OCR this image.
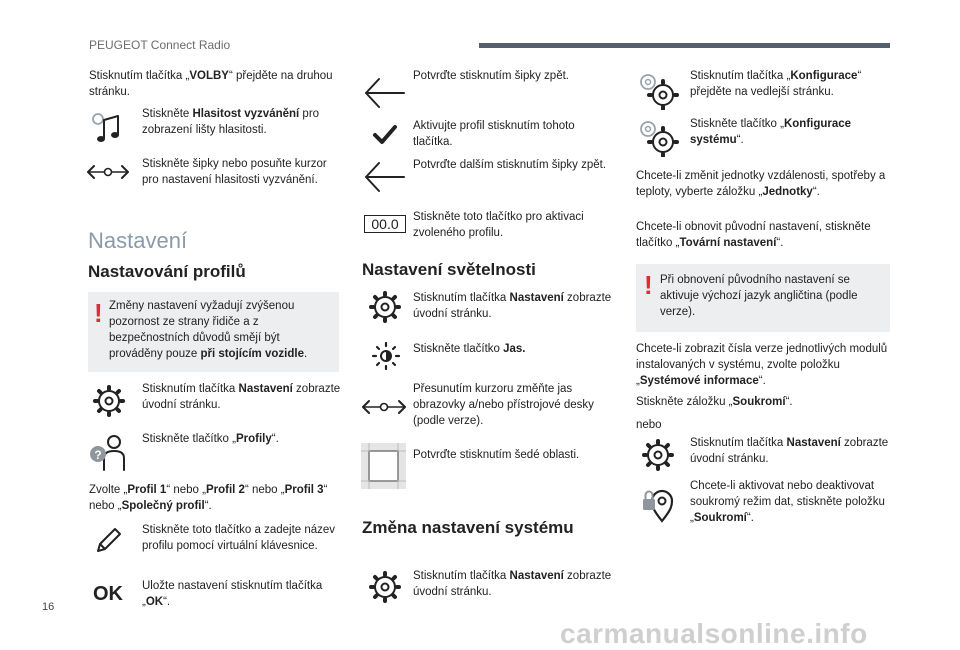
PEUGEOT Connect Radio
Stisknutím tlačítka „VOLBY“ přejděte na druhou stránku.
Stiskněte Hlasitost vyzvánění pro zobrazení lišty hlasitosti.
Stiskněte šipky nebo posuňte kurzor pro nastavení hlasitosti vyzvánění.
Nastavení
Nastavování profilů
! Změny nastavení vyžadují zvýšenou pozornost ze strany řidiče a z bezpečnostních důvodů smějí být prováděny pouze při stojícím vozidle.
Stisknutím tlačítka Nastavení zobrazte úvodní stránku.
?
Stiskněte tlačítko „Profily“.
Zvolte „Profil 1“ nebo „Profil 2“ nebo „Profil 3“ nebo „Společný profil“.
Stiskněte toto tlačítko a zadejte název profilu pomocí virtuální klávesnice.
OK Uložte nastavení stisknutím tlačítka „OK“.
Potvrďte stisknutím šipky zpět.
Aktivujte profil stisknutím tohoto tlačítka.
Potvrďte dalším stisknutím šipky zpět.
00.0	Stiskněte toto tlačítko pro aktivaci zvoleného profilu.
Nastavení světelnosti
Stisknutím tlačítka Nastavení zobrazte úvodní stránku.
Stiskněte tlačítko Jas.
Přesunutím kurzoru změňte jas obrazovky a/nebo přístrojové desky (podle verze).
Potvrďte stisknutím šedé oblasti.
Změna nastavení systému
Stisknutím tlačítka Nastavení zobrazte úvodní stránku.
Stisknutím tlačítka „Konfigurace“ přejděte na vedlejší stránku.
Stiskněte tlačítko „Konfigurace systému“.
Chcete-li změnit jednotky vzdálenosti, spotřeby a teploty, vyberte záložku „Jednotky“.
Chcete-li obnovit původní nastavení, stiskněte tlačítko „Tovární nastavení“.
! Při obnovení původního nastavení se aktivuje výchozí jazyk angličtina (podle verze).
Chcete-li zobrazit čísla verze jednotlivých modulů instalovaných v systému, zvolte položku „Systémové informace“.
Stiskněte záložku „Soukromí“.
nebo
Stisknutím tlačítka Nastavení zobrazte úvodní stránku.
Chcete-li aktivovat nebo deaktivovat soukromý režim dat, stiskněte položku „Soukromí“.
16
carmanualsonline.info
